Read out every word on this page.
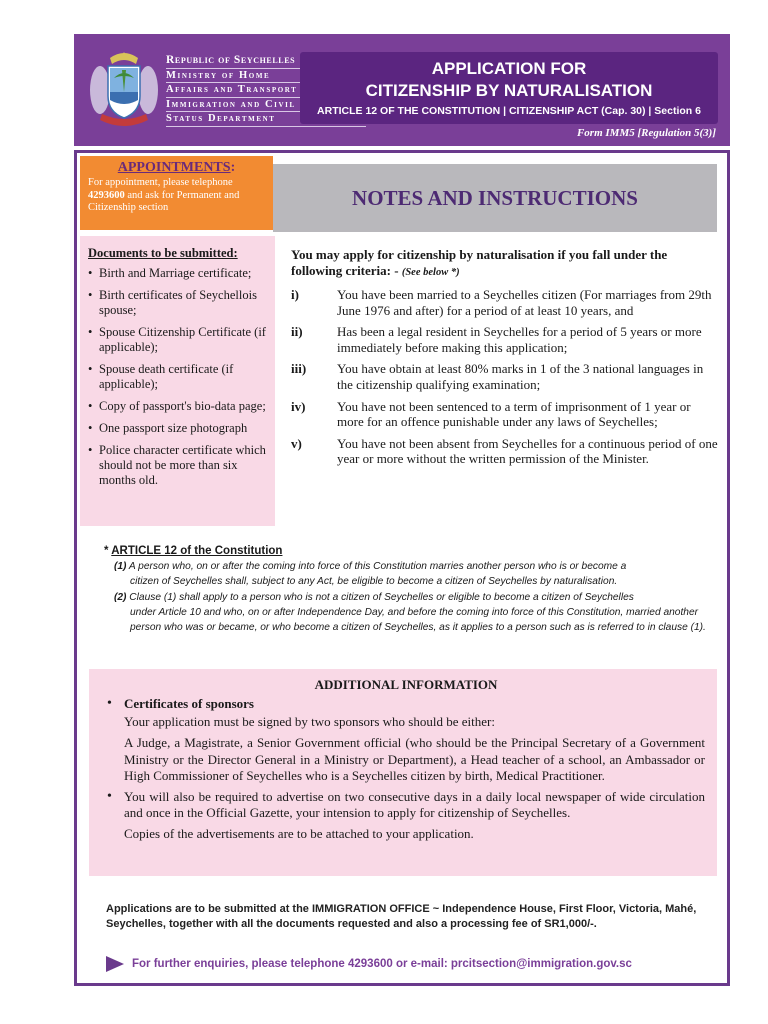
Republic of Seychelles
Ministry of Home
Affairs and Transport
Immigration and Civil
Status Department
APPLICATION FOR
CITIZENSHIP BY NATURALISATION
ARTICLE 12 OF THE CONSTITUTION | CITIZENSHIP ACT (Cap. 30) | Section 6
Form IMM5 [Regulation 5(3)]
APPOINTMENTS:
For appointment, please telephone 4293600 and ask for Permanent and Citizenship section	NOTES AND INSTRUCTIONS
Documents to be submitted:
• Birth and Marriage certificate;
• Birth certificates of Seychellois spouse;
• Spouse Citizenship Certificate (if applicable);
• Spouse death certificate (if applicable);
• Copy of passport's bio-data page;
• One passport size photograph
• Police character certificate which should not be more than six months old.
You may apply for citizenship by naturalisation if you fall under the following criteria: - (See below *)
i)	You have been married to a Seychelles citizen (For marriages from 29th June 1976 and after) for a period of at least 10 years, and
ii)	Has been a legal resident in Seychelles for a period of 5 years or more immediately before making this application;
iii)	You have obtain at least 80% marks in 1 of the 3 national languages in the citizenship qualifying examination;
iv)	You have not been sentenced to a term of imprisonment of 1 year or more for an offence punishable under any laws of Seychelles;
v)	You have not been absent from Seychelles for a continuous period of one year or more without the written permission of the Minister.
* ARTICLE 12 of the Constitution
(1) A person who, on or after the coming into force of this Constitution marries another person who is or become a
citizen of Seychelles shall, subject to any Act, be eligible to become a citizen of Seychelles by naturalisation.
(2) Clause (1) shall apply to a person who is not a citizen of Seychelles or eligible to become a citizen of Seychelles
under Article 10 and who, on or after Independence Day, and before the coming into force of this Constitution, married another person who was or became, or who become a citizen of Seychelles, as it applies to a person such as is referred to in clause (1).
ADDITIONAL INFORMATION
• Certificates of sponsors
Your application must be signed by two sponsors who should be either:
A Judge, a Magistrate, a Senior Government official (who should be the Principal Secretary of a Government Ministry or the Director General in a Ministry or Department), a Head teacher of a school, an Ambassador or High Commissioner of Seychelles who is a Seychelles citizen by birth, Medical Practitioner.
• You will also be required to advertise on two consecutive days in a daily local newspaper of wide circulation and once in the Official Gazette, your intension to apply for citizenship of Seychelles.
Copies of the advertisements are to be attached to your application.
Applications are to be submitted at the IMMIGRATION OFFICE ~ Independence House, First Floor, Victoria, Mahé, Seychelles, together with all the documents requested and also a processing fee of SR1,000/-.
For further enquiries, please telephone 4293600 or e-mail: prcitsection@immigration.gov.sc
